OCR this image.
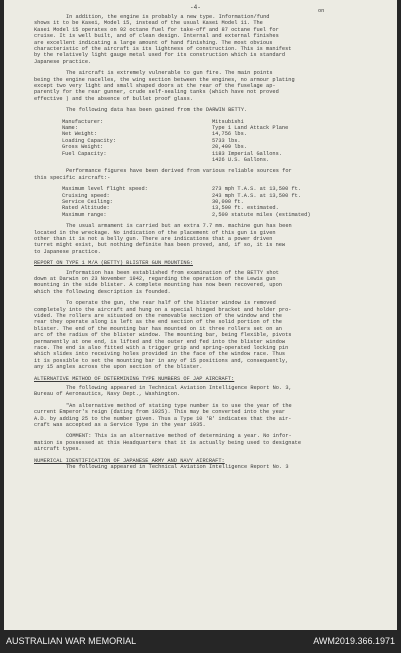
-4-	on
In addition, the engine is probably a new type. Information/fund
shows it to be Kasei, Model 15, instead of the usual Kasei Model 11. The
Kasei Model 15 operates on 92 octane fuel for take-off and 87 octane fuel for
cruise. It is well built, and of clean design. Internal and external finishes
are excellent indicating a large amount of hand finishing. The most obvious
characteristic of the aircraft is its lightness of construction. This is manifest
by the relatively light gauge metal used for its construction which is standard
Japanese practice.
The aircraft is extremely vulnerable to gun fire. The main points
being the engine nacelles, the wing section between the engines, no armour plating
except two very light and small shaped doors at the rear of the fuselage ap-
parently for the rear gunner, crude self-sealing tanks (which have not proved
effective ) and the absence of bullet proof glass.
The following data has been gained from the DARWIN BETTY.
Manufacturer:	Mitsubishi
Name:	Type 1 Land Attack Plane
Net Weight:	14,756 lbs.
Loading Capacity:	5733 lbs.
Gross Weight:	20,409 lbs.
Fuel Capacity:	1183 Imperial Gallons.
1426 U.S. Gallons.
Performance figures have been derived from various reliable sources for
this specific aircraft:-
Maximum level flight speed:	273 mph T.A.S. at 13,500 ft.
Cruising speed:	243 mph T.A.S. at 13,500 ft.
Service Ceiling:	30,000 ft.
Rated Altitude:	13,500 ft. estimated.
Maximum range:	2,500 statute miles (estimated)
The usual armament is carried but an extra 7.7 mm. machine gun has been
located in the wreckage. No indication of the placement of this gun is given
other than it is not a belly gun. There are indications that a power driven
turret might exist, but nothing definite has been proved, and, if so, it is new
to Japanese practice.
REPORT ON TYPE 1 M/A (BETTY) BLISTER GUN MOUNTING:
Information has been established from examination of the BETTY shot
down at Darwin on 23 November 1942, regarding the operation of the Lewis gun
mounting in the side blister. A complete mounting has now been recovered, upon
which the following description is founded.
To operate the gun, the rear half of the blister window is removed
completely into the aircraft and hung on a special hinged bracket and holder pro-
vided. The rollers are situated on the removable section of the window and the
rear they operate along is left as the end section of the solid portion of the
blister. The end of the mounting bar has mounted on it three rollers set on an
arc of the radius of the blister window. The mounting bar, being flexible, pivots
permanently at one end, is lifted and the outer end fed into the blister window
race. The end is also fitted with a trigger grip and spring-operated locking pin
which slides into receiving holes provided in the face of the window race. Thus
it is possible to set the mounting bar in any of 15 positions and, consequently,
any 15 angles across the upon section of the blister.
ALTERNATIVE METHOD OF DETERMINING TYPE NUMBERS OF JAP AIRCRAFT:
The following appeared in Technical Aviation Intelligence Report No. 3,
Bureau of Aeronautics, Navy Dept., Washington.
"An alternative method of stating type number is to use the year of the
current Emperor's reign (dating from 1925). This may be converted into the year
A.D. by adding 25 to the number given. Thus a Type 10 'B' indicates that the air-
craft was accepted as a Service Type in the year 1935.
COMMENT: This is an alternative method of determining a year. No infor-
mation is possessed at this Headquarters that it is actually being used to designate
aircraft types.
NUMERICAL IDENTIFICATION OF JAPANESE ARMY AND NAVY AIRCRAFT:
The following appeared in Technical Aviation Intelligence Report No. 3
AUSTRALIAN WAR MEMORIAL	AWM2019.366.1971
